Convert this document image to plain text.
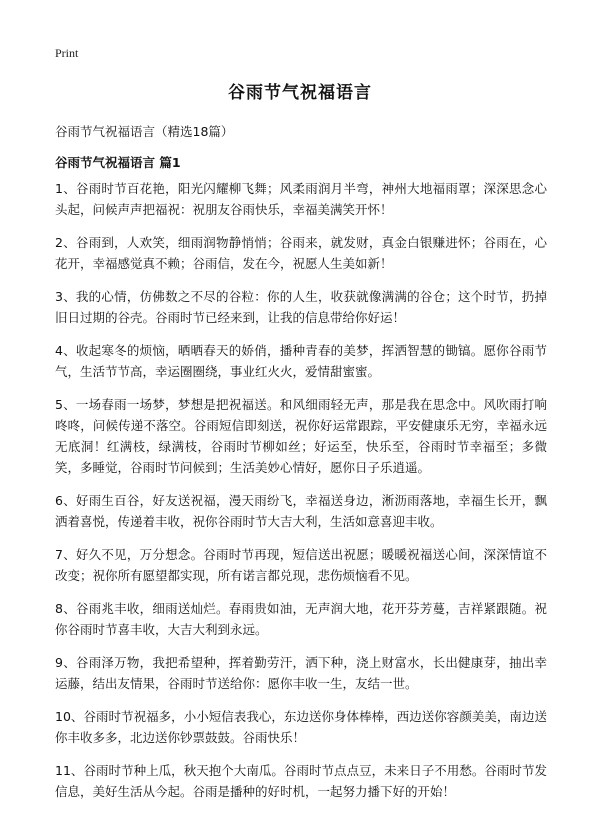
Print
谷雨节气祝福语言
谷雨节气祝福语言（精选18篇）
谷雨节气祝福语言 篇1

1、谷雨时节百花艳，阳光闪耀柳飞舞；风柔雨润月半弯，神州大地福雨罩；深深思念心头起，问候声声把福祝：祝朋友谷雨快乐，幸福美满笑开怀！

2、谷雨到，人欢笑，细雨润物静悄悄；谷雨来，就发财，真金白银赚进怀；谷雨在，心花开，幸福感觉真不赖；谷雨信，发在今，祝愿人生美如新！

3、我的心情，仿佛数之不尽的谷粒：你的人生，收获就像满满的谷仓；这个时节，扔掉旧日过期的谷壳。谷雨时节已经来到，让我的信息带给你好运！

4、收起寒冬的烦恼，晒晒春天的娇俏，播种青春的美梦，挥洒智慧的锄镐。愿你谷雨节气，生活节节高，幸运圈圈绕，事业红火火，爱情甜蜜蜜。

5、一场春雨一场梦，梦想是把祝福送。和风细雨轻无声，那是我在思念中。风吹雨打响咚咚，问候传递不落空。谷雨短信即刻送，祝你好运常跟踪，平安健康乐无穷，幸福永远无底洞！红满枝，绿满枝，谷雨时节柳如丝；好运至，快乐至，谷雨时节幸福至；多微笑，多睡觉，谷雨时节问候到；生活美妙心情好，愿你日子乐逍遥。

6、好雨生百谷，好友送祝福，漫天雨纷飞，幸福送身边，淅沥雨落地，幸福生长开，飘洒着喜悦，传递着丰收，祝你谷雨时节大吉大利，生活如意喜迎丰收。

7、好久不见，万分想念。谷雨时节再现，短信送出祝愿；暖暖祝福送心间，深深情谊不改变；祝你所有愿望都实现，所有诺言都兑现，悲伤烦恼看不见。

8、谷雨兆丰收，细雨送灿烂。春雨贵如油，无声润大地，花开芬芳蔓，吉祥紧跟随。祝你谷雨时节喜丰收，大吉大利到永远。

9、谷雨泽万物，我把希望种，挥着勤劳汗，洒下种，浇上财富水，长出健康芽，抽出幸运藤，结出友情果，谷雨时节送给你：愿你丰收一生，友结一世。

10、谷雨时节祝福多，小小短信表我心，东边送你身体棒棒，西边送你容颜美美，南边送你丰收多多，北边送你钞票鼓鼓。谷雨快乐！

11、谷雨时节种上瓜，秋天抱个大南瓜。谷雨时节点点豆，未来日子不用愁。谷雨时节发信息，美好生活从今起。谷雨是播种的好时机，一起努力播下好的开始！
